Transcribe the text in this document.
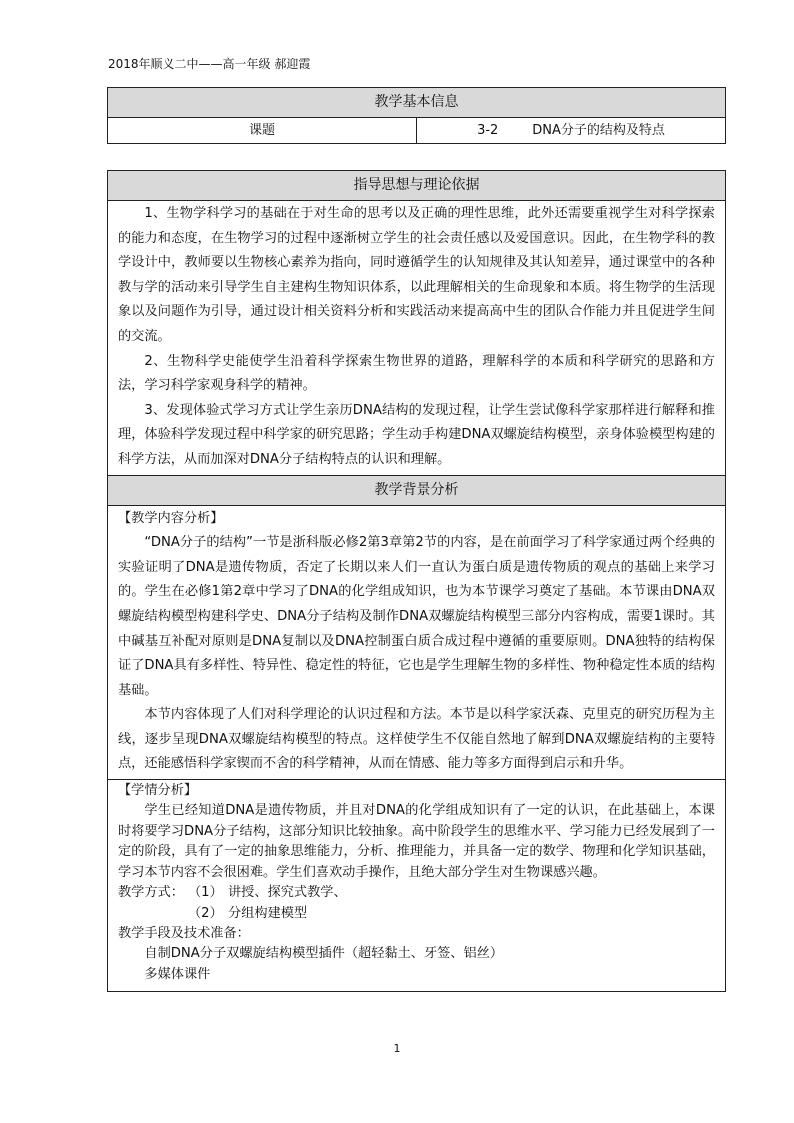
2018年顺义二中——高一年级 郝迎霞
教学基本信息
课题	3-2	DNA分子的结构及特点
指导思想与理论依据

1、生物学科学习的基础在于对生命的思考以及正确的理性思维，此外还需要重视学生对科学探索的能力和态度，在生物学习的过程中逐渐树立学生的社会责任感以及爱国意识。因此，在生物学科的教学设计中，教师要以生物核心素养为指向，同时遵循学生的认知规律及其认知差异，通过课堂中的各种教与学的活动来引导学生自主建构生物知识体系，以此理解相关的生命现象和本质。将生物学的生活现象以及问题作为引导，通过设计相关资料分析和实践活动来提高高中生的团队合作能力并且促进学生间的交流。

2、生物科学史能使学生沿着科学探索生物世界的道路，理解科学的本质和科学研究的思路和方法，学习科学家观身科学的精神。

3、发现体验式学习方式让学生亲历DNA结构的发现过程，让学生尝试像科学家那样进行解释和推理，体验科学发现过程中科学家的研究思路；学生动手构建DNA双螺旋结构模型，亲身体验模型构建的科学方法，从而加深对DNA分子结构特点的认识和理解。

教学背景分析

【教学内容分析】

“DNA分子的结构”一节是浙科版必修2第3章第2节的内容，是在前面学习了科学家通过两个经典的实验证明了DNA是遗传物质，否定了长期以来人们一直认为蛋白质是遗传物质的观点的基础上来学习的。学生在必修1第2章中学习了DNA的化学组成知识，也为本节课学习奠定了基础。本节课由DNA双螺旋结构模型构建科学史、DNA分子结构及制作DNA双螺旋结构模型三部分内容构成，需要1课时。其中碱基互补配对原则是DNA复制以及DNA控制蛋白质合成过程中遵循的重要原则。DNA独特的结构保证了DNA具有多样性、特异性、稳定性的特征，它也是学生理解生物的多样性、物种稳定性本质的结构基础。

本节内容体现了人们对科学理论的认识过程和方法。本节是以科学家沃森、克里克的研究历程为主线，逐步呈现DNA双螺旋结构模型的特点。这样使学生不仅能自然地了解到DNA双螺旋结构的主要特点，还能感悟科学家锲而不舍的科学精神，从而在情感、能力等多方面得到启示和升华。

【学情分析】

学生已经知道DNA是遗传物质，并且对DNA的化学组成知识有了一定的认识，在此基础上，本课时将要学习DNA分子结构，这部分知识比较抽象。高中阶段学生的思维水平、学习能力已经发展到了一定的阶段，具有了一定的抽象思维能力，分析、推理能力，并具备一定的数学、物理和化学知识基础，学习本节内容不会很困难。学生们喜欢动手操作，且绝大部分学生对生物课感兴趣。

教学方式： （1） 讲授、探究式教学、
（2） 分组构建模型

教学手段及技术准备：

自制DNA分子双螺旋结构模型插件（超轻黏土、牙签、铝丝）

多媒体课件

1
